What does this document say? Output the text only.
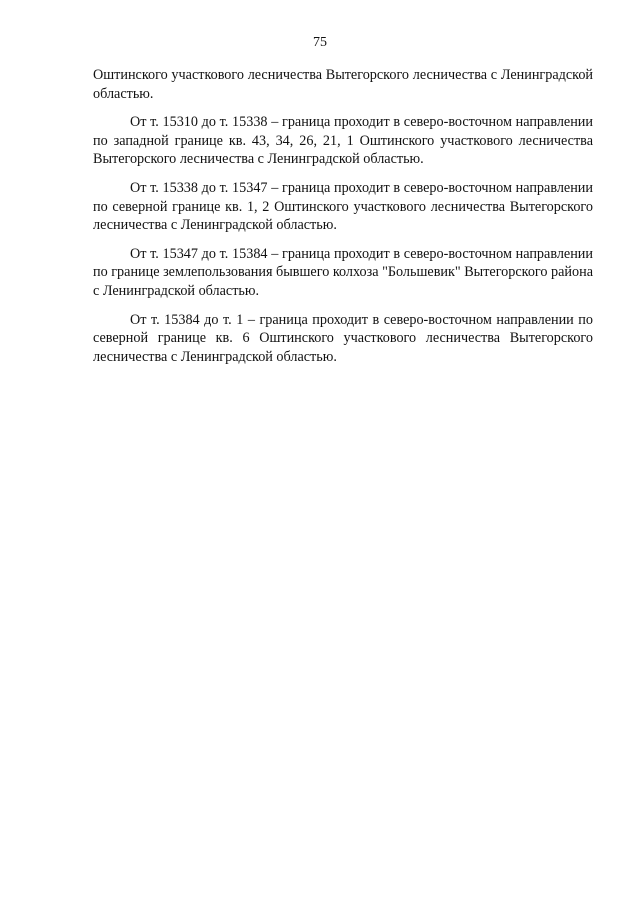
75

Оштинского участкового лесничества Вытегорского лесничества с Ленинградской областью.

От т. 15310 до т. 15338 – граница проходит в северо-восточном направлении по западной границе кв. 43, 34, 26, 21, 1 Оштинского участкового лесничества Вытегорского лесничества с Ленинградской областью.

От т. 15338 до т. 15347 – граница проходит в северо-восточном направлении по северной границе кв. 1, 2 Оштинского участкового лесничества Вытегорского лесничества с Ленинградской областью.

От т. 15347 до т. 15384 – граница проходит в северо-восточном направлении по границе землепользования бывшего колхоза "Большевик" Вытегорского района с Ленинградской областью.

От т. 15384 до т. 1 – граница проходит в северо-восточном направлении по северной границе кв. 6 Оштинского участкового лесничества Вытегорского лесничества с Ленинградской областью.
